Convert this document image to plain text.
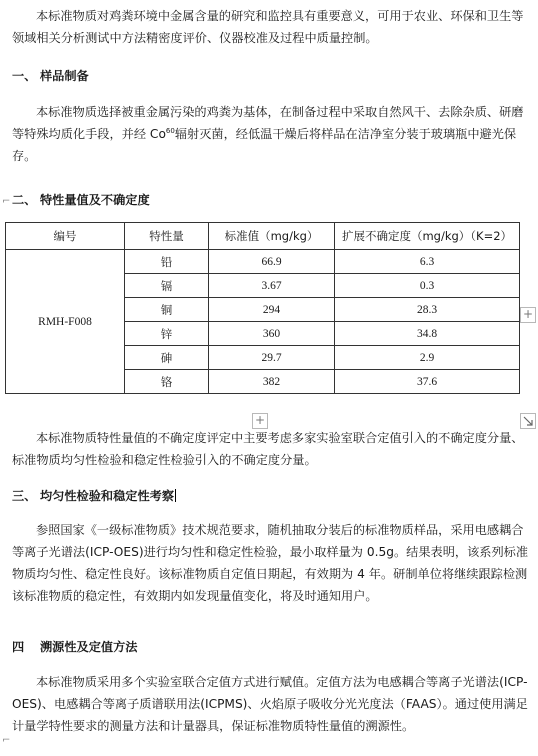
本标准物质对鸡粪环境中金属含量的研究和监控具有重要意义，可用于农业、环保和卫生等领域相关分析测试中方法精密度评价、仪器校准及过程中质量控制。

一、 样品制备

本标准物质选择被重金属污染的鸡粪为基体，在制备过程中采取自然风干、去除杂质、研磨等特殊均质化手段，并经 Co$^{60}$辐射灭菌，经低温干燥后将样品在洁净室分装于玻璃瓶中避光保存。

⌐ 二、 特性量值及不确定度
编号	特性量	标准值（mg/kg）	扩展不确定度（mg/kg）（K=2）
RMH-F008	铅	66.9	6.3
	镉	3.67	0.3
	铜	294	28.3
	锌	360	34.8
	砷	29.7	2.9
	铬	382	37.6
+
+

本标准物质特性量值的不确定度评定中主要考虑多家实验室联合定值引入的不确定度分量、标准物质均匀性检验和稳定性检验引入的不确定度分量。

三、 均匀性检验和稳定性考察

参照国家《一级标准物质》技术规范要求，随机抽取分装后的标准物质样品，采用电感耦合等离子光谱法(ICP-OES)进行均匀性和稳定性检验，最小取样量为 0.5g。结果表明，该系列标准物质均匀性、稳定性良好。该标准物质自定值日期起，有效期为 4 年。研制单位将继续跟踪检测该标准物质的稳定性，有效期内如发现量值变化，将及时通知用户。

四 溯源性及定值方法

本标准物质采用多个实验室联合定值方式进行赋值。定值方法为电感耦合等离子光谱法(ICP-OES)、电感耦合等离子质谱联用法(ICPMS)、火焰原子吸收分光光度法（FAAS）。通过使用满足计量学特性要求的测量方法和计量器具，保证标准物质特性量值的溯源性。

⌐
